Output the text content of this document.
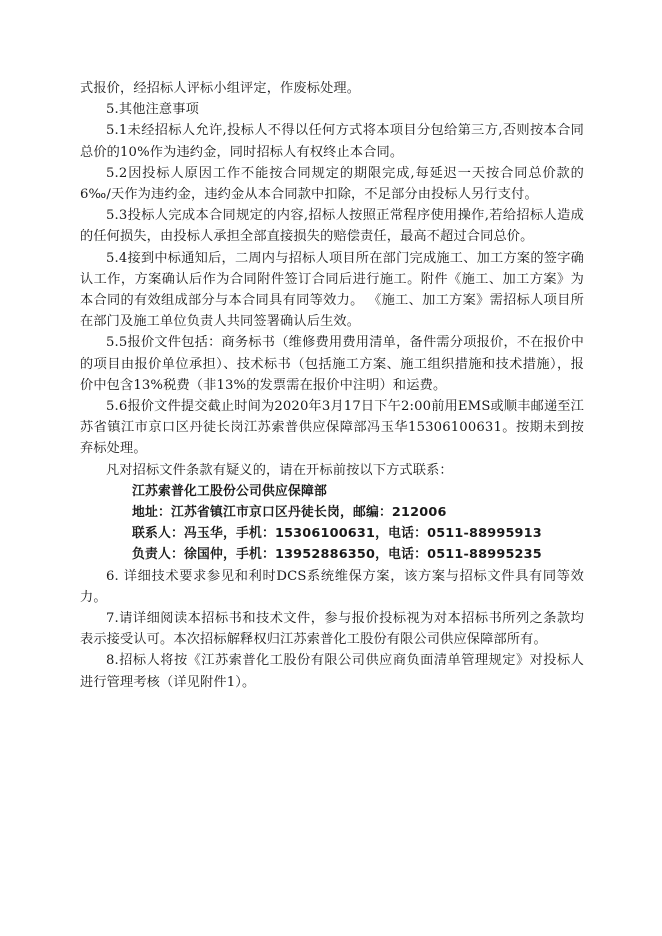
式报价，经招标人评标小组评定，作废标处理。

5.其他注意事项

5.1未经招标人允许,投标人不得以任何方式将本项目分包给第三方,否则按本合同总价的10%作为违约金，同时招标人有权终止本合同。

5.2因投标人原因工作不能按合同规定的期限完成,每延迟一天按合同总价款的6‰/天作为违约金，违约金从本合同款中扣除，不足部分由投标人另行支付。

5.3投标人完成本合同规定的内容,招标人按照正常程序使用操作,若给招标人造成的任何损失，由投标人承担全部直接损失的赔偿责任，最高不超过合同总价。

5.4接到中标通知后，二周内与招标人项目所在部门完成施工、加工方案的签字确认工作，方案确认后作为合同附件签订合同后进行施工。附件《施工、加工方案》为本合同的有效组成部分与本合同具有同等效力。 《施工、加工方案》需招标人项目所在部门及施工单位负责人共同签署确认后生效。

5.5报价文件包括：商务标书（维修费用费用清单，备件需分项报价，不在报价中的项目由报价单位承担）、技术标书（包括施工方案、施工组织措施和技术措施），报价中包含13%税费（非13%的发票需在报价中注明）和运费。

5.6报价文件提交截止时间为2020年3月17日下午2:00前用EMS或顺丰邮递至江苏省镇江市京口区丹徒长岗江苏索普供应保障部冯玉华15306100631。按期未到按弃标处理。

凡对招标文件条款有疑义的，请在开标前按以下方式联系：

江苏索普化工股份公司供应保障部

地址：江苏省镇江市京口区丹徒长岗，邮编：212006

联系人：冯玉华，手机：15306100631，电话：0511-88995913

负责人：徐国仲，手机：13952886350，电话：0511-88995235

6. 详细技术要求参见和利时DCS系统维保方案，该方案与招标文件具有同等效力。

7.请详细阅读本招标书和技术文件，参与报价投标视为对本招标书所列之条款均表示接受认可。本次招标解释权归江苏索普化工股份有限公司供应保障部所有。

8.招标人将按《江苏索普化工股份有限公司供应商负面清单管理规定》对投标人进行管理考核（详见附件1）。
